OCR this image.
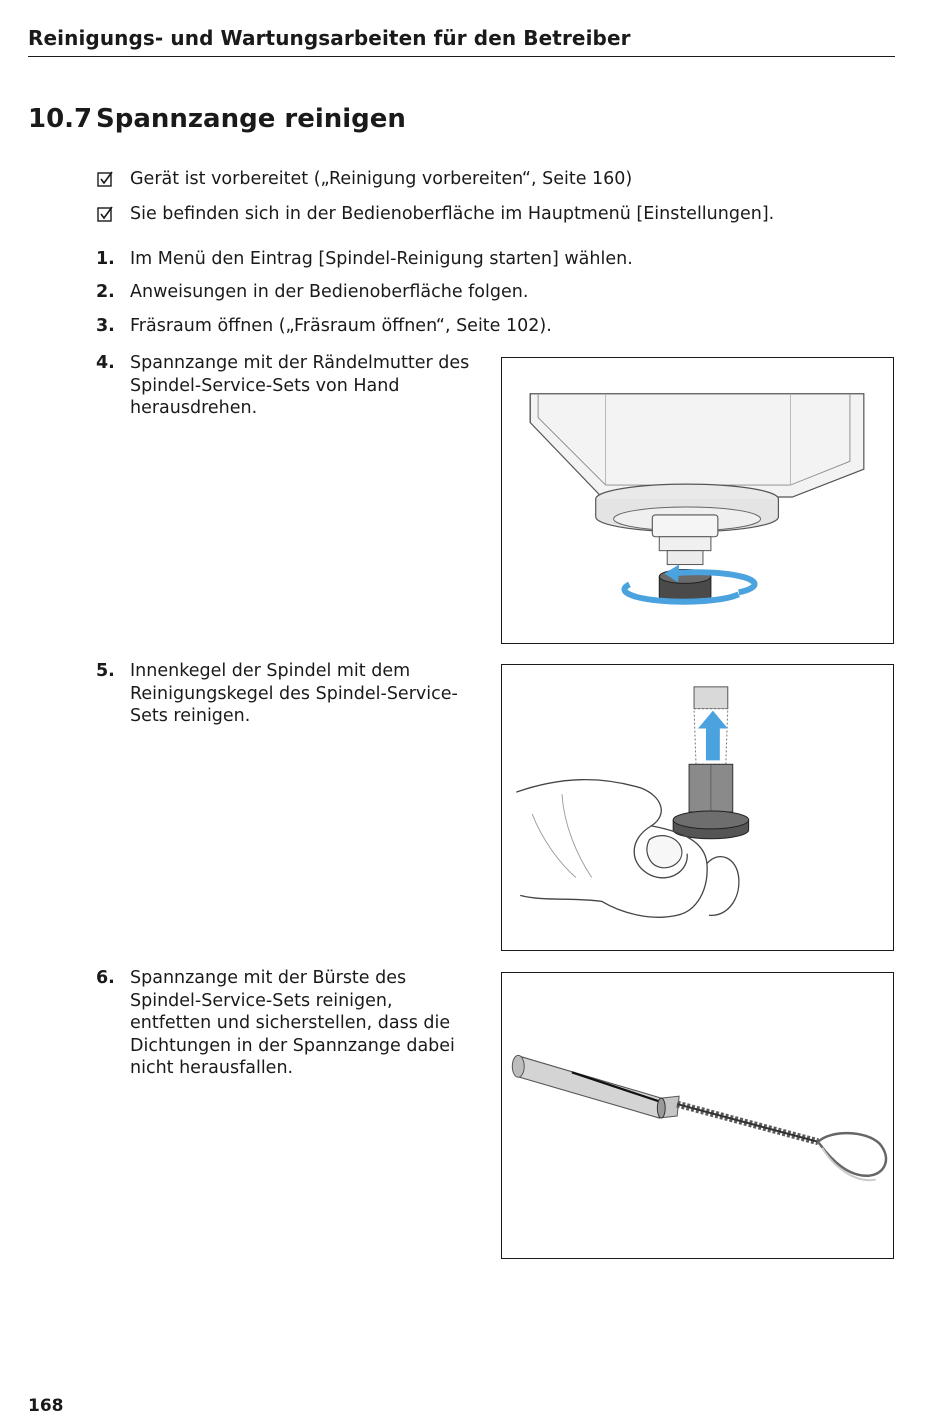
Reinigungs- und Wartungsarbeiten für den Betreiber
10.7 Spannzange reinigen
Gerät ist vorbereitet („Reinigung vorbereiten“, Seite 160)
Sie befinden sich in der Bedienoberfläche im Hauptmenü [Einstellungen].
1. Im Menü den Eintrag [Spindel-Reinigung starten] wählen.
2. Anweisungen in der Bedienoberfläche folgen.
3. Fräsraum öffnen („Fräsraum öffnen“, Seite 102).
4. Spannzange mit der Rändelmutter des Spindel-Service-Sets von Hand herausdrehen.
5. Innenkegel der Spindel mit dem Reinigungskegel des Spindel-Service-Sets reinigen.
6. Spannzange mit der Bürste des Spindel-Service-Sets reinigen, entfetten und sicherstellen, dass die Dichtungen in der Spannzange dabei nicht herausfallen.
168
